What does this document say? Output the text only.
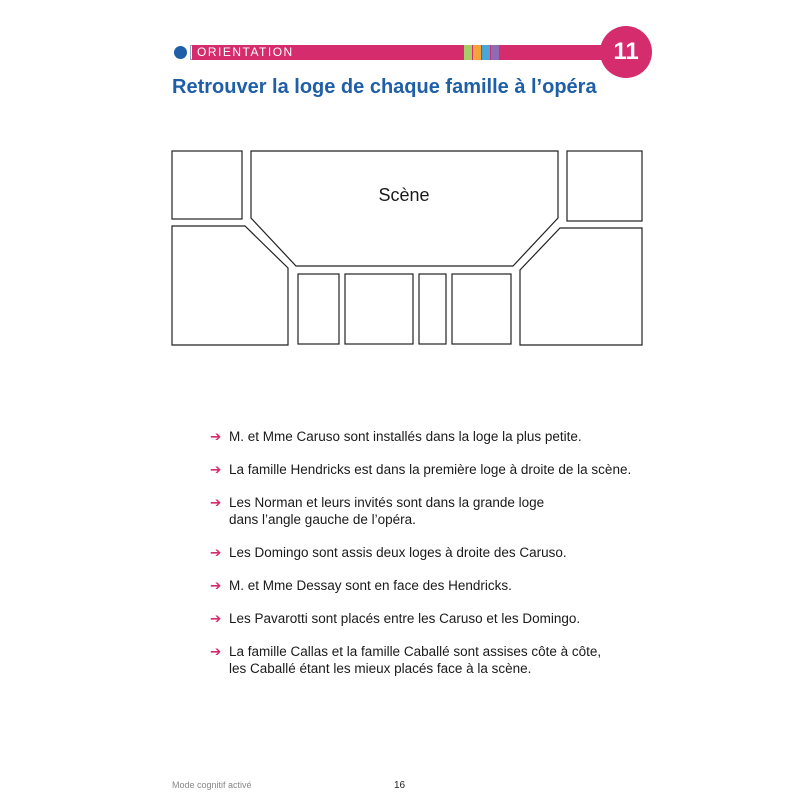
ORIENTATION	11
Retrouver la loge de chaque famille à l’opéra
Scène
➔ M. et Mme Caruso sont installés dans la loge la plus petite.
➔ La famille Hendricks est dans la première loge à droite de la scène.
➔ Les Norman et leurs invités sont dans la grande loge
dans l’angle gauche de l’opéra.
➔ Les Domingo sont assis deux loges à droite des Caruso.
➔ M. et Mme Dessay sont en face des Hendricks.
➔ Les Pavarotti sont placés entre les Caruso et les Domingo.
➔ La famille Callas et la famille Caballé sont assises côte à côte,
les Caballé étant les mieux placés face à la scène.
Mode cognitif activé	16
